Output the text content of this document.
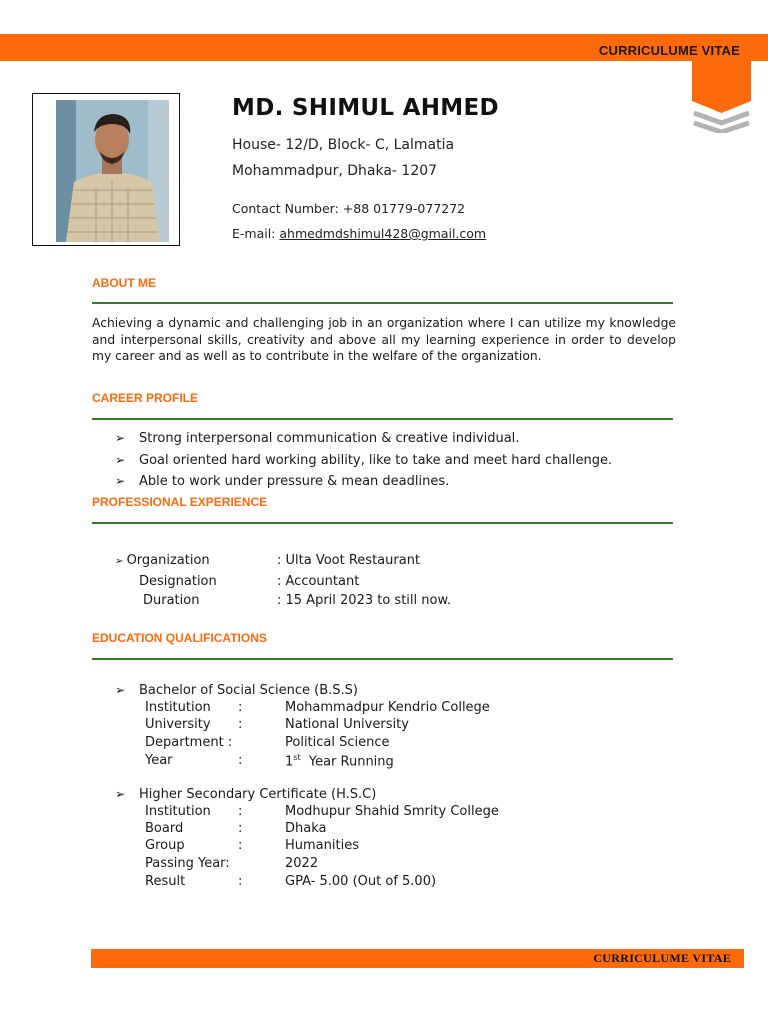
CURRICULUME VITAE
MD. SHIMUL AHMED
House- 12/D, Block- C, Lalmatia
Mohammadpur, Dhaka- 1207
Contact Number: +88 01779-077272
E-mail: ahmedmdshimul428@gmail.com
ABOUT ME

Achieving a dynamic and challenging job in an organization where I can utilize my knowledge and interpersonal skills, creativity and above all my learning experience in order to develop my career and as well as to contribute in the welfare of the organization.

CAREER PROFILE
➢ Strong interpersonal communication & creative individual.
➢ Goal oriented hard working ability, like to take and meet hard challenge.
➢ Able to work under pressure & mean deadlines.
PROFESSIONAL EXPERIENCE
➢ Organization	: Ulta Voot Restaurant
Designation	: Accountant
Duration	: 15 April 2023 to still now.
EDUCATION QUALIFICATIONS
➢ Bachelor of Social Science (B.S.S)
Institution :	Mohammadpur Kendrio College
University :	National University
Department :	Political Science
Year	:	1st Year Running
➢ Higher Secondary Certificate (H.S.C)
Institution :	Modhupur Shahid Smrity College
Board	:	Dhaka
Group	:	Humanities
Passing Year:	2022
Result	:	GPA- 5.00 (Out of 5.00)
CURRICULUME VITAE
